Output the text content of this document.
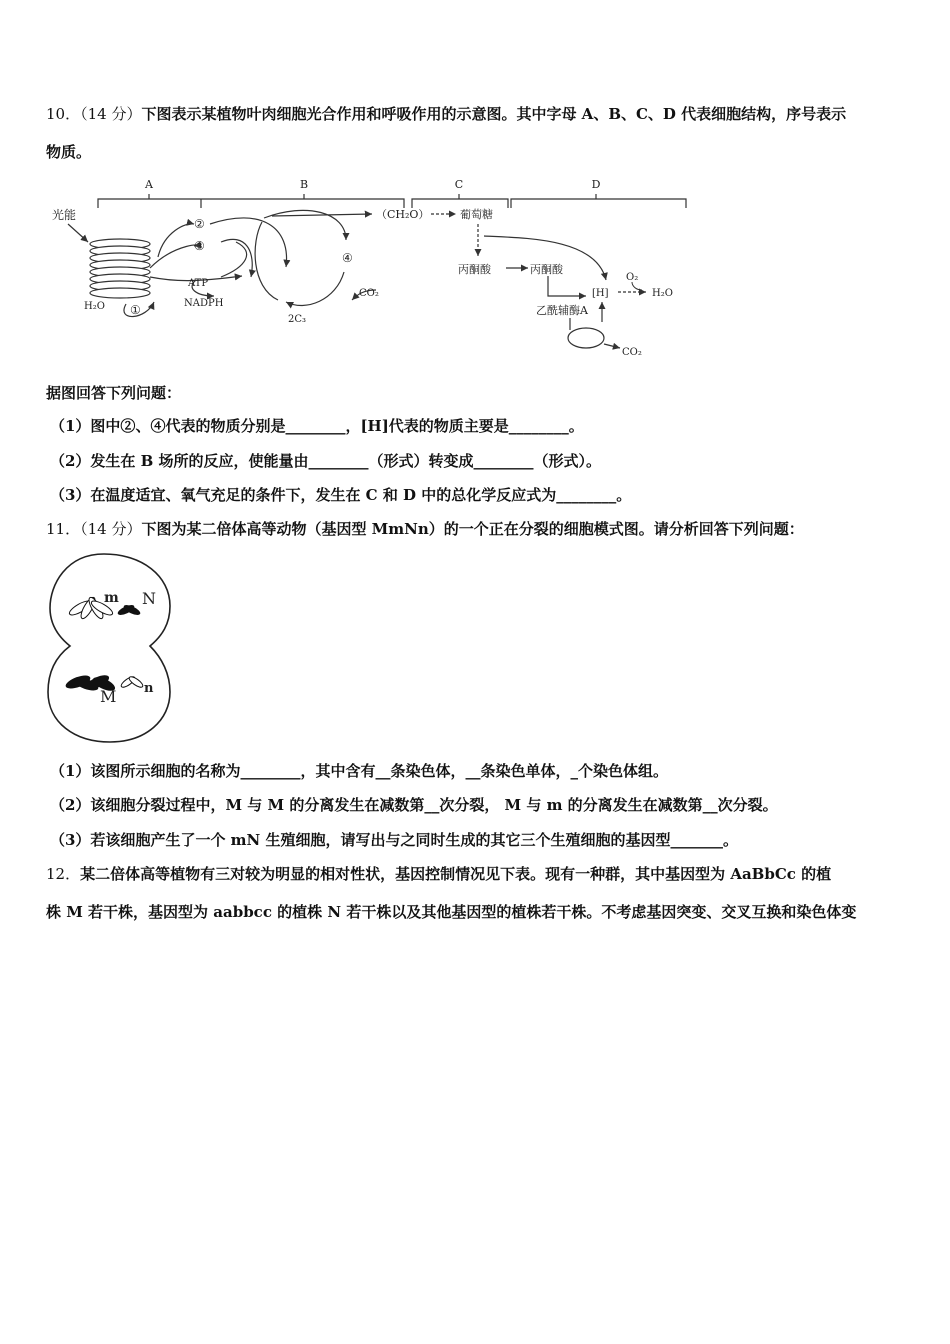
10．（14 分）下图表示某植物叶肉细胞光合作用和呼吸作用的示意图。其中字母 A、B、C、D 代表细胞结构，序号表示
物质。
A	B	C	D
光能
②
③
ATP
NADPH
H₂O ①
④
CO₂
2C₃
（CH₂O）	葡萄糖
丙酮酸	丙酮酸
[H]
O₂
H₂O
乙酰辅酶A
CO₂
据图回答下列问题：
（1）图中②、④代表的物质分别是________，[H]代表的物质主要是________。
（2）发生在 B 场所的反应，使能量由________（形式）转变成________（形式）。
（3）在温度适宜、氧气充足的条件下，发生在 C 和 D 中的总化学反应式为________。
11．（14 分）下图为某二倍体高等动物（基因型 MmNn）的一个正在分裂的细胞模式图。请分析回答下列问题：
m N
M n
（1）该图所示细胞的名称为________，其中含有__条染色体，__条染色单体，_个染色体组。
（2）该细胞分裂过程中，M 与 M 的分离发生在减数第__次分裂， M 与 m 的分离发生在减数第__次分裂。
（3）若该细胞产生了一个 mN 生殖细胞，请写出与之同时生成的其它三个生殖细胞的基因型_______。
12．某二倍体高等植物有三对较为明显的相对性状，基因控制情况见下表。现有一种群，其中基因型为 AaBbCc 的植
株 M 若干株，基因型为 aabbcc 的植株 N 若干株以及其他基因型的植株若干株。不考虑基因突变、交叉互换和染色体变
